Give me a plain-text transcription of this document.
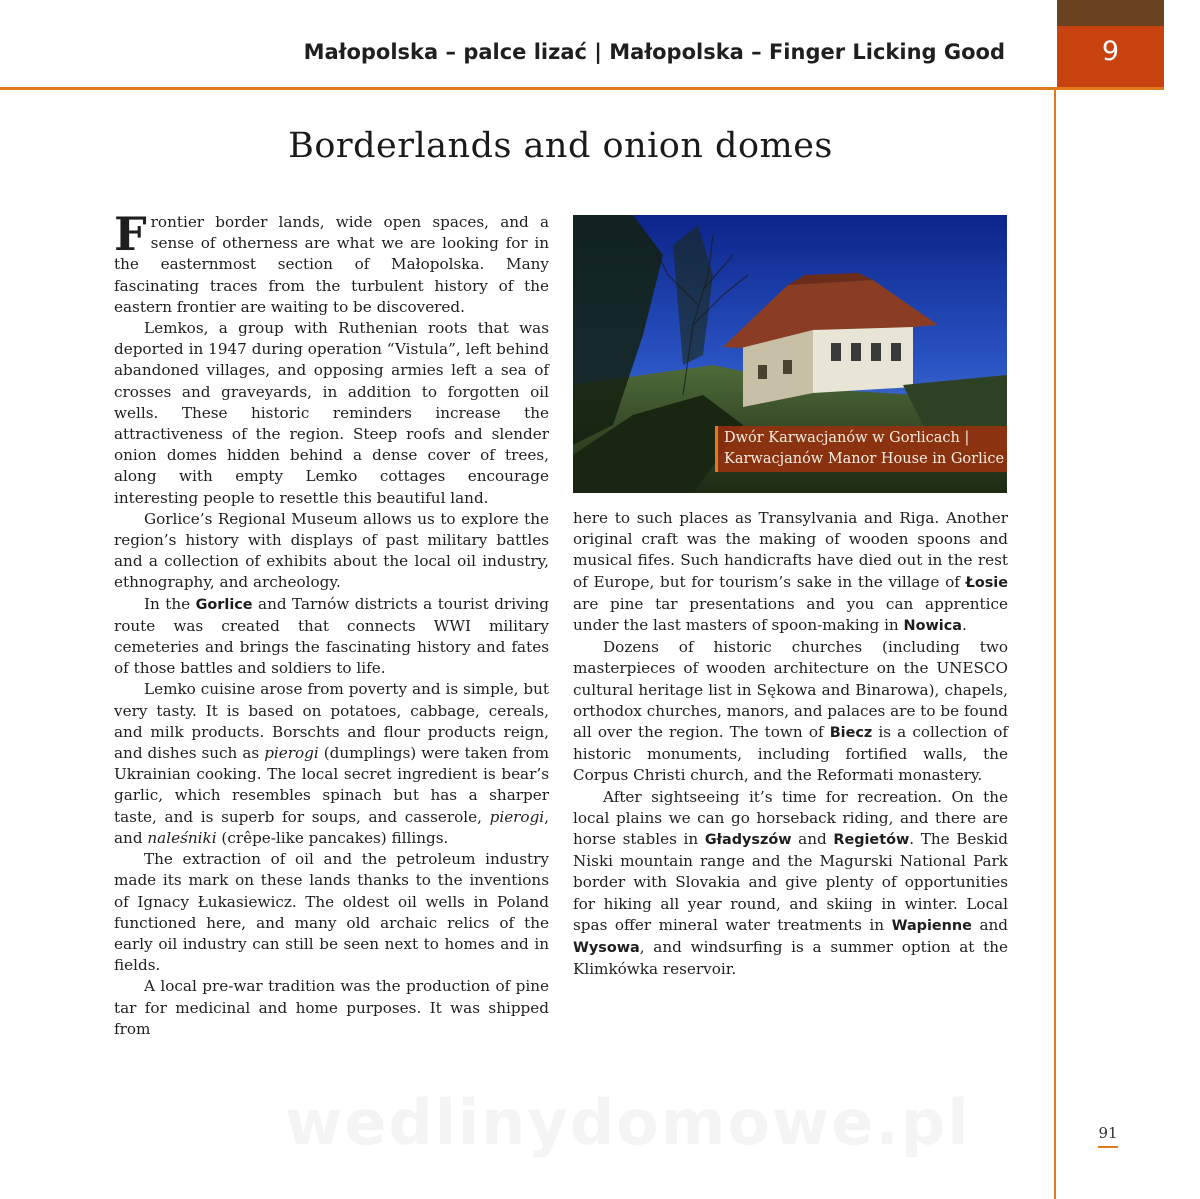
9
Małopolska – palce lizać | Małopolska – Finger Licking Good
Borderlands and onion domes

Frontier border lands, wide open spaces, and a sense of otherness are what we are looking for in the easternmost section of Małopolska. Many fascinating traces from the turbulent history of the eastern frontier are waiting to be discovered.

Lemkos, a group with Ruthenian roots that was deported in 1947 during operation “Vistula”, left behind abandoned villages, and opposing armies left a sea of crosses and graveyards, in addition to forgotten oil wells. These historic reminders increase the attractiveness of the region. Steep roofs and slender onion domes hidden behind a dense cover of trees, along with empty Lemko cottages encourage interesting people to resettle this beautiful land.

Gorlice’s Regional Museum allows us to explore the region’s history with displays of past military battles and a collection of exhibits about the local oil industry, ethnography, and archeology.

In the Gorlice and Tarnów districts a tourist driving route was created that connects WWI military cemeteries and brings the fascinating history and fates of those battles and soldiers to life.

Lemko cuisine arose from poverty and is simple, but very tasty. It is based on potatoes, cabbage, cereals, and milk products. Borschts and flour products reign, and dishes such as pierogi (dumplings) were taken from Ukrainian cooking. The local secret ingredient is bear’s garlic, which resembles spinach but has a sharper taste, and is superb for soups, and casserole, pierogi, and naleśniki (crêpe-like pancakes) fillings.

The extraction of oil and the petroleum industry made its mark on these lands thanks to the inventions of Ignacy Łukasiewicz. The oldest oil wells in Poland functioned here, and many old archaic relics of the early oil industry can still be seen next to homes and in fields.

A local pre-war tradition was the production of pine tar for medicinal and home purposes. It was shipped from

Dwór Karwacjanów w Gorlicach |
Karwacjanów Manor House in Gorlice

here to such places as Transylvania and Riga. Another original craft was the making of wooden spoons and musical fifes. Such handicrafts have died out in the rest of Europe, but for tourism’s sake in the village of Łosie are pine tar presentations and you can apprentice under the last masters of spoon-making in Nowica.

Dozens of historic churches (including two masterpieces of wooden architecture on the UNESCO cultural heritage list in Sękowa and Binarowa), chapels, orthodox churches, manors, and palaces are to be found all over the region. The town of Biecz is a collection of historic monuments, including fortified walls, the Corpus Christi church, and the Reformati monastery.

After sightseeing it’s time for recreation. On the local plains we can go horseback riding, and there are horse stables in Gładyszów and Regietów. The Beskid Niski mountain range and the Magurski National Park border with Slovakia and give plenty of opportunities for hiking all year round, and skiing in winter. Local spas offer mineral water treatments in Wapienne and Wysowa, and windsurfing is a summer option at the Klimkówka reservoir.

wedlinydomowe.pl	91
